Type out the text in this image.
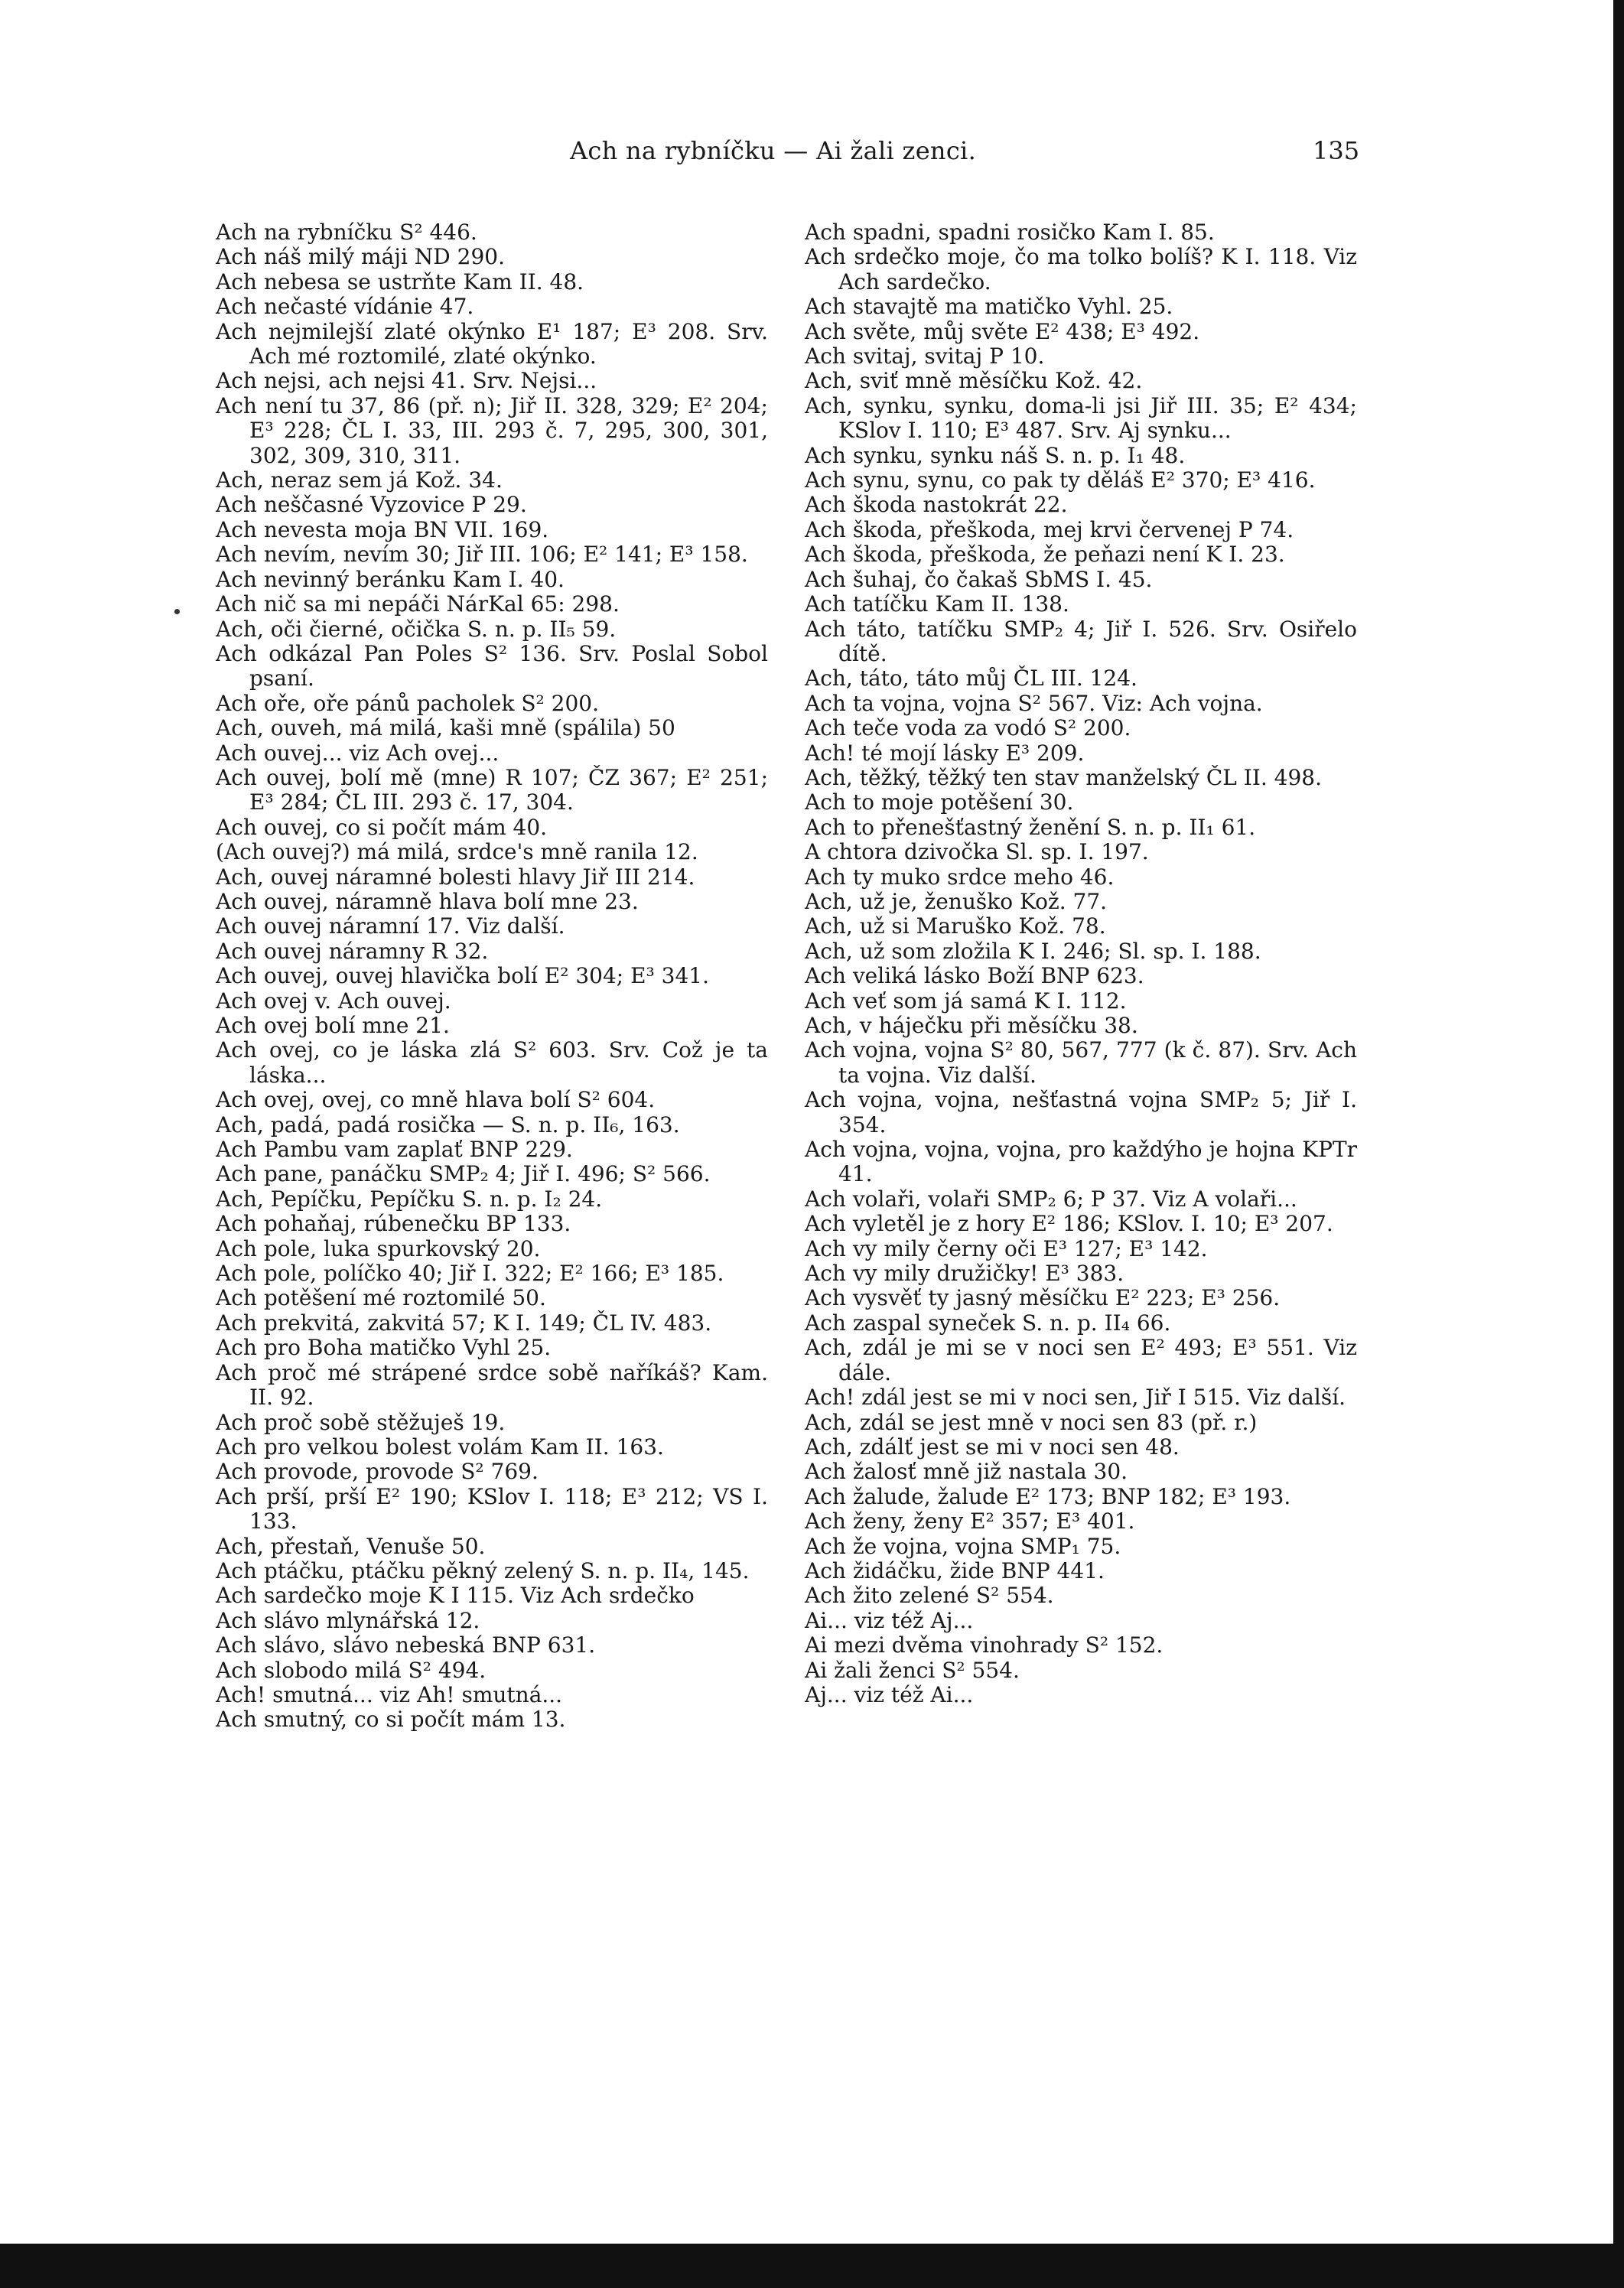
Ach na rybníčku — Ai žali zenci.	135

Ach na rybníčku S² 446.

Ach náš milý máji ND 290.

Ach nebesa se ustrňte Kam II. 48.

Ach nečasté vídánie 47.

Ach nejmilejší zlaté okýnko E¹ 187; E³ 208. Srv. Ach mé roztomilé, zlaté okýnko.

Ach nejsi, ach nejsi 41. Srv. Nejsi...

Ach není tu 37, 86 (př. n); Jiř II. 328, 329; E² 204; E³ 228; ČL I. 33, III. 293 č. 7, 295, 300, 301, 302, 309, 310, 311.

Ach, neraz sem já Kož. 34.

Ach neščasné Vyzovice P 29.

Ach nevesta moja BN VII. 169.

Ach nevím, nevím 30; Jiř III. 106; E² 141; E³ 158.

Ach nevinný beránku Kam I. 40.

Ach nič sa mi nepáči NárKal 65: 298.

Ach, oči čierné, očička S. n. p. II₅ 59.

Ach odkázal Pan Poles S² 136. Srv. Poslal Sobol psaní.

Ach oře, oře pánů pacholek S² 200.

Ach, ouveh, má milá, kaši mně (spálila) 50

Ach ouvej... viz Ach ovej...

Ach ouvej, bolí mě (mne) R 107; ČZ 367; E² 251; E³ 284; ČL III. 293 č. 17, 304.

Ach ouvej, co si počít mám 40.

(Ach ouvej?) má milá, srdce's mně ranila 12.

Ach, ouvej náramné bolesti hlavy Jiř III 214.

Ach ouvej, náramně hlava bolí mne 23.

Ach ouvej náramní 17. Viz další.

Ach ouvej náramny R 32.

Ach ouvej, ouvej hlavička bolí E² 304; E³ 341.

Ach ovej v. Ach ouvej.

Ach ovej bolí mne 21.

Ach ovej, co je láska zlá S² 603. Srv. Což je ta láska...

Ach ovej, ovej, co mně hlava bolí S² 604.

Ach, padá, padá rosička — S. n. p. II₆, 163.

Ach Pambu vam zaplať BNP 229.

Ach pane, panáčku SMP₂ 4; Jiř I. 496; S² 566.

Ach, Pepíčku, Pepíčku S. n. p. I₂ 24.

Ach pohaňaj, rúbenečku BP 133.

Ach pole, luka spurkovský 20.

Ach pole, políčko 40; Jiř I. 322; E² 166; E³ 185.

Ach potěšení mé roztomilé 50.

Ach prekvitá, zakvitá 57; K I. 149; ČL IV. 483.

Ach pro Boha matičko Vyhl 25.

Ach proč mé strápené srdce sobě naříkáš? Kam. II. 92.

Ach proč sobě stěžuješ 19.

Ach pro velkou bolest volám Kam II. 163.

Ach provode, provode S² 769.

Ach prší, prší E² 190; KSlov I. 118; E³ 212; VS I. 133.

Ach, přestaň, Venuše 50.

Ach ptáčku, ptáčku pěkný zelený S. n. p. II₄, 145.

Ach sardečko moje K I 115. Viz Ach srdečko

Ach slávo mlynářská 12.

Ach slávo, slávo nebeská BNP 631.

Ach slobodo milá S² 494.

Ach! smutná... viz Ah! smutná...

Ach smutný, co si počít mám 13.

Ach spadni, spadni rosičko Kam I. 85.

Ach srdečko moje, čo ma tolko bolíš? K I. 118. Viz Ach sardečko.

Ach stavajtě ma matičko Vyhl. 25.

Ach světe, můj světe E² 438; E³ 492.

Ach svitaj, svitaj P 10.

Ach, sviť mně měsíčku Kož. 42.

Ach, synku, synku, doma-li jsi Jiř III. 35; E² 434; KSlov I. 110; E³ 487. Srv. Aj synku...

Ach synku, synku náš S. n. p. I₁ 48.

Ach synu, synu, co pak ty děláš E² 370; E³ 416.

Ach škoda nastokrát 22.

Ach škoda, přeškoda, mej krvi červenej P 74.

Ach škoda, přeškoda, že peňazi není K I. 23.

Ach šuhaj, čo čakaš SbMS I. 45.

Ach tatíčku Kam II. 138.

Ach táto, tatíčku SMP₂ 4; Jiř I. 526. Srv. Osiřelo dítě.

Ach, táto, táto můj ČL III. 124.

Ach ta vojna, vojna S² 567. Viz: Ach vojna.

Ach teče voda za vodó S² 200.

Ach! té mojí lásky E³ 209.

Ach, těžký, těžký ten stav manželský ČL II. 498.

Ach to moje potěšení 30.

Ach to přenešťastný ženění S. n. p. II₁ 61.

A chtora dzivočka Sl. sp. I. 197.

Ach ty muko srdce meho 46.

Ach, už je, ženuško Kož. 77.

Ach, už si Maruško Kož. 78.

Ach, už som zložila K I. 246; Sl. sp. I. 188.

Ach veliká lásko Boží BNP 623.

Ach veť som já samá K I. 112.

Ach, v háječku při měsíčku 38.

Ach vojna, vojna S² 80, 567, 777 (k č. 87). Srv. Ach ta vojna. Viz další.

Ach vojna, vojna, nešťastná vojna SMP₂ 5; Jiř I. 354.

Ach vojna, vojna, vojna, pro každýho je hojna KPTr 41.

Ach volaři, volaři SMP₂ 6; P 37. Viz A volaři...

Ach vyletěl je z hory E² 186; KSlov. I. 10; E³ 207.

Ach vy mily černy oči E³ 127; E³ 142.

Ach vy mily družičky! E³ 383.

Ach vysvěť ty jasný měsíčku E² 223; E³ 256.

Ach zaspal syneček S. n. p. II₄ 66.

Ach, zdál je mi se v noci sen E² 493; E³ 551. Viz dále.

Ach! zdál jest se mi v noci sen, Jiř I 515. Viz další.

Ach, zdál se jest mně v noci sen 83 (př. r.)

Ach, zdálť jest se mi v noci sen 48.

Ach žalosť mně již nastala 30.

Ach žalude, žalude E² 173; BNP 182; E³ 193.

Ach ženy, ženy E² 357; E³ 401.

Ach že vojna, vojna SMP₁ 75.

Ach židáčku, žide BNP 441.

Ach žito zelené S² 554.

Ai... viz též Aj...

Ai mezi dvěma vinohrady S² 152.

Ai žali ženci S² 554.

Aj... viz též Ai...
